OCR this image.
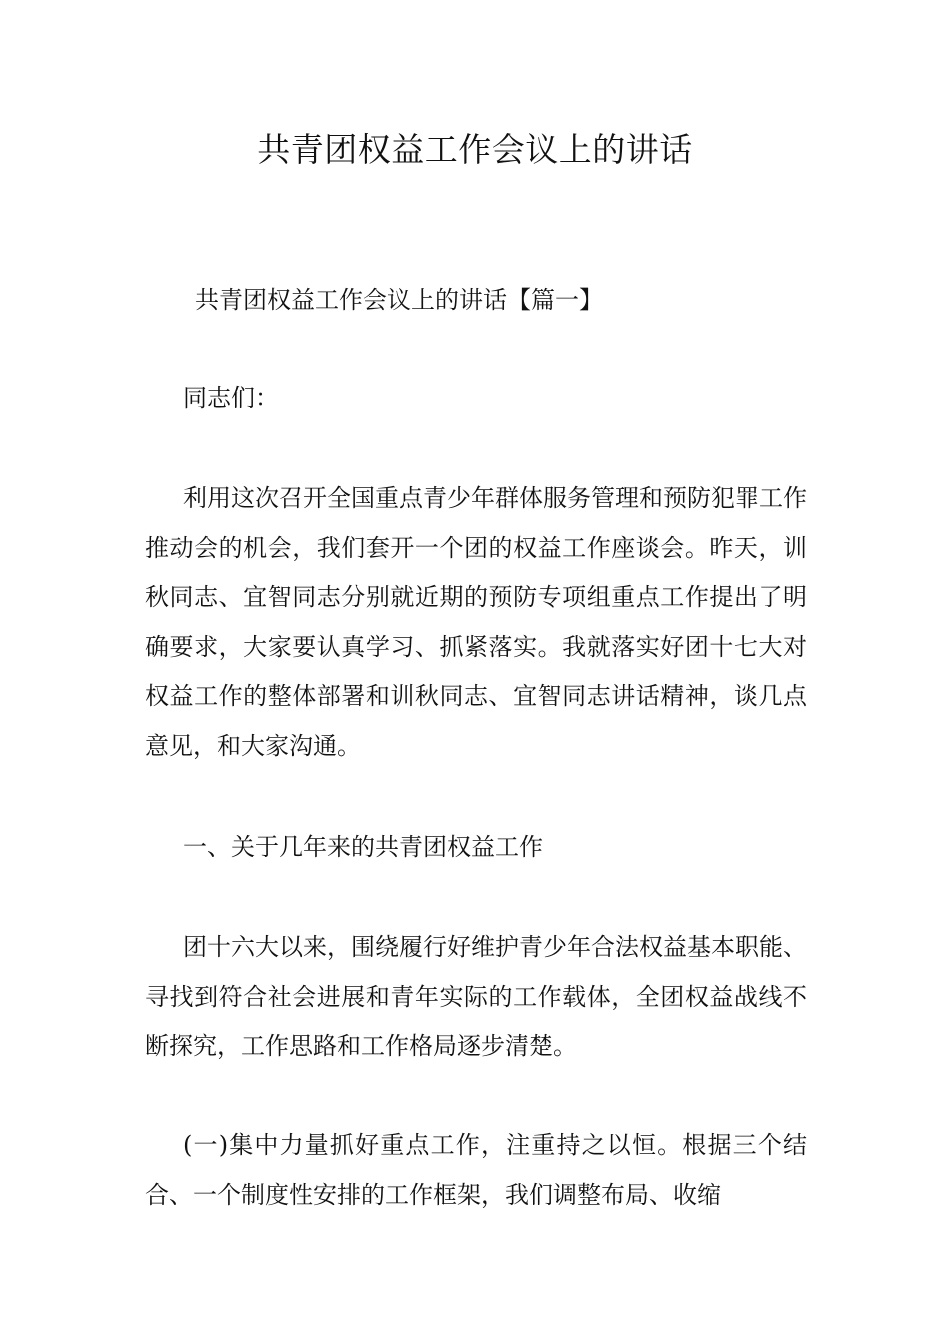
共青团权益工作会议上的讲话

共青团权益工作会议上的讲话【篇一】

同志们：

利用这次召开全国重点青少年群体服务管理和预防犯罪工作推动会的机会，我们套开一个团的权益工作座谈会。昨天，训秋同志、宜智同志分别就近期的预防专项组重点工作提出了明确要求，大家要认真学习、抓紧落实。我就落实好团十七大对权益工作的整体部署和训秋同志、宜智同志讲话精神，谈几点意见，和大家沟通。

一、关于几年来的共青团权益工作

团十六大以来，围绕履行好维护青少年合法权益基本职能、寻找到符合社会进展和青年实际的工作载体，全团权益战线不断探究，工作思路和工作格局逐步清楚。

(一)集中力量抓好重点工作，注重持之以恒。根据三个结合、一个制度性安排的工作框架，我们调整布局、收缩
